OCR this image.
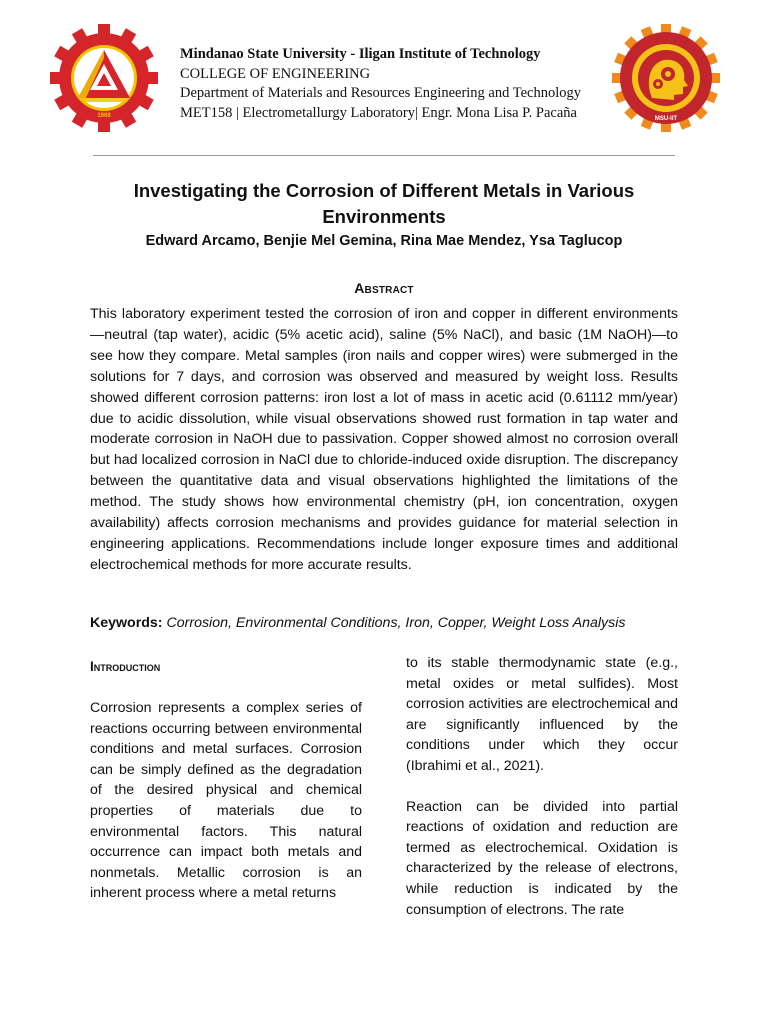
1968
Mindanao State University - Iligan Institute of Technology
COLLEGE OF ENGINEERING
Department of Materials and Resources Engineering and Technology
MET158 | Electrometallurgy Laboratory| Engr. Mona Lisa P. Pacaña	MSU-IIT
Investigating the Corrosion of Different Metals in Various Environments
Edward Arcamo, Benjie Mel Gemina, Rina Mae Mendez, Ysa Taglucop
Abstract
This laboratory experiment tested the corrosion of iron and copper in different environments—neutral (tap water), acidic (5% acetic acid), saline (5% NaCl), and basic (1M NaOH)—to see how they compare. Metal samples (iron nails and copper wires) were submerged in the solutions for 7 days, and corrosion was observed and measured by weight loss. Results showed different corrosion patterns: iron lost a lot of mass in acetic acid (0.61112 mm/year) due to acidic dissolution, while visual observations showed rust formation in tap water and moderate corrosion in NaOH due to passivation. Copper showed almost no corrosion overall but had localized corrosion in NaCl due to chloride-induced oxide disruption. The discrepancy between the quantitative data and visual observations highlighted the limitations of the method. The study shows how environmental chemistry (pH, ion concentration, oxygen availability) affects corrosion mechanisms and provides guidance for material selection in engineering applications. Recommendations include longer exposure times and additional electrochemical methods for more accurate results.
Keywords: Corrosion, Environmental Conditions, Iron, Copper, Weight Loss Analysis
Introduction

Corrosion represents a complex series of reactions occurring between environmental conditions and metal surfaces. Corrosion can be simply defined as the degradation of the desired physical and chemical properties of materials due to environmental factors. This natural occurrence can impact both metals and nonmetals. Metallic corrosion is an inherent process where a metal returns

to its stable thermodynamic state (e.g., metal oxides or metal sulfides). Most corrosion activities are electrochemical and are significantly influenced by the conditions under which they occur (Ibrahimi et al., 2021).

Reaction can be divided into partial reactions of oxidation and reduction are termed as electrochemical. Oxidation is characterized by the release of electrons, while reduction is indicated by the consumption of electrons. The rate
